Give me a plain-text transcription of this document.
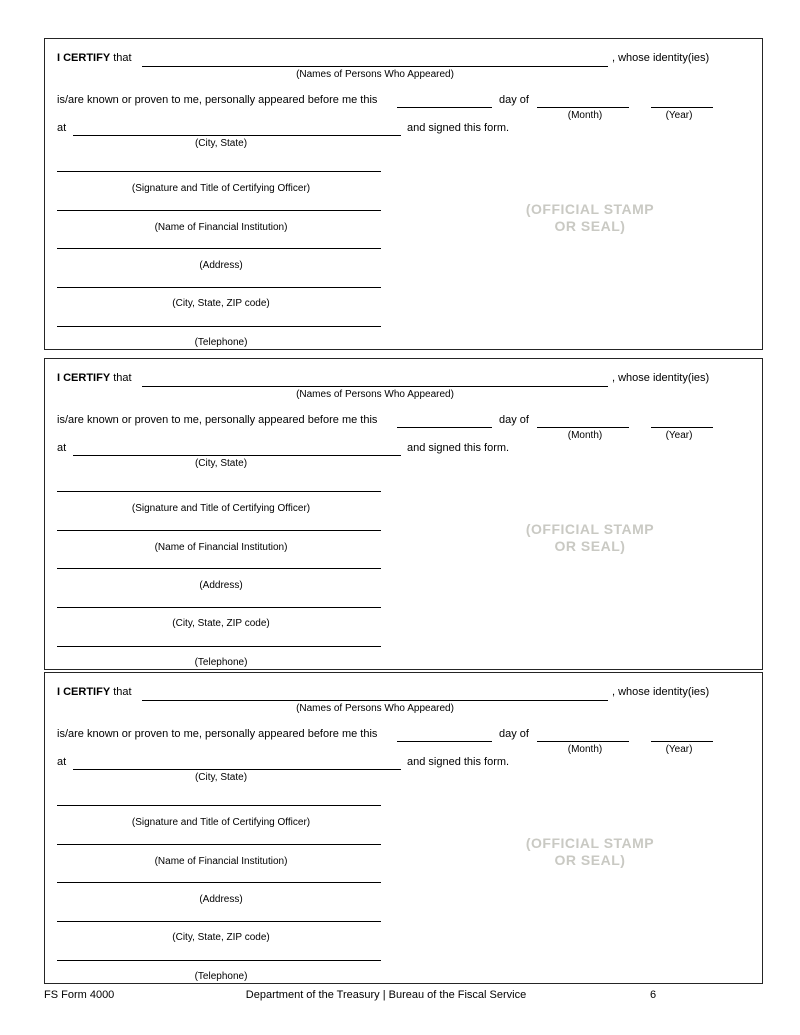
I CERTIFY that	, whose identity(ies)
(Names of Persons Who Appeared)
is/are known or proven to me, personally appeared before me this	day of
(Month)	(Year)
at	and signed this form.
(City, State)
(Signature and Title of Certifying Officer)
(Name of Financial Institution)
(Address)
(City, State, ZIP code)
(Telephone)
(OFFICIAL STAMP
OR SEAL)
I CERTIFY that	, whose identity(ies)
(Names of Persons Who Appeared)
is/are known or proven to me, personally appeared before me this	day of
(Month)	(Year)
at	and signed this form.
(City, State)
(Signature and Title of Certifying Officer)
(Name of Financial Institution)
(Address)
(City, State, ZIP code)
(Telephone)
(OFFICIAL STAMP
OR SEAL)
I CERTIFY that	, whose identity(ies)
(Names of Persons Who Appeared)
is/are known or proven to me, personally appeared before me this	day of
(Month)	(Year)
at	and signed this form.
(City, State)
(Signature and Title of Certifying Officer)
(Name of Financial Institution)
(Address)
(City, State, ZIP code)
(Telephone)
(OFFICIAL STAMP
OR SEAL)
FS Form 4000	Department of the Treasury | Bureau of the Fiscal Service	6
